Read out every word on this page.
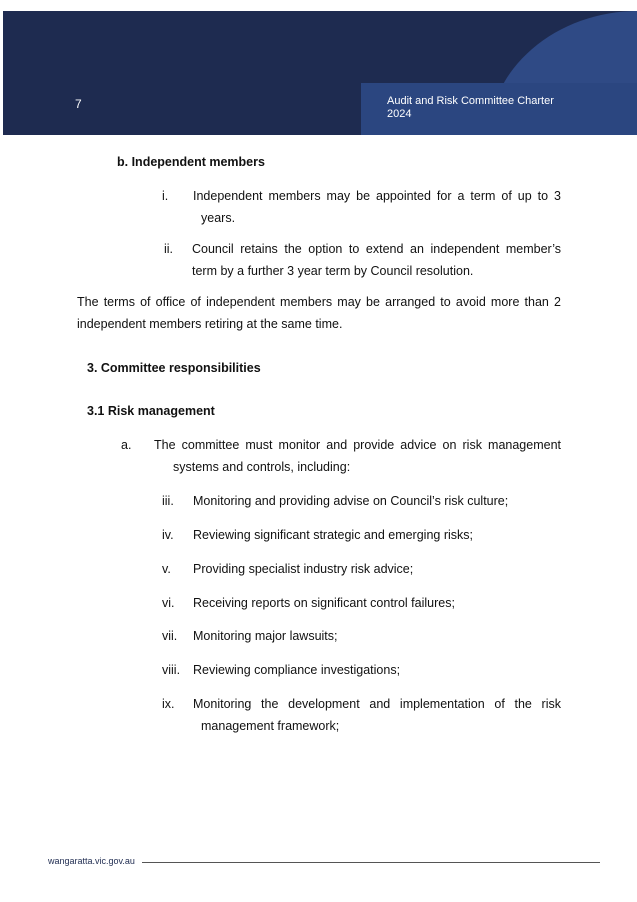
7	Audit and Risk Committee Charter
2024
b. Independent members
i. Independent members may be appointed for a term of up to 3
years.
ii. Council retains the option to extend an independent member’s
term by a further 3 year term by Council resolution.
The terms of office of independent members may be arranged to avoid more than 2
independent members retiring at the same time.
3. Committee responsibilities
3.1 Risk management
a. The committee must monitor and provide advice on risk management
systems and controls, including:
iii. Monitoring and providing advise on Council’s risk culture;
iv. Reviewing significant strategic and emerging risks;
v. Providing specialist industry risk advice;
vi. Receiving reports on significant control failures;
vii. Monitoring major lawsuits;
viii. Reviewing compliance investigations;
ix. Monitoring the development and implementation of the risk
management framework;
wangaratta.vic.gov.au
